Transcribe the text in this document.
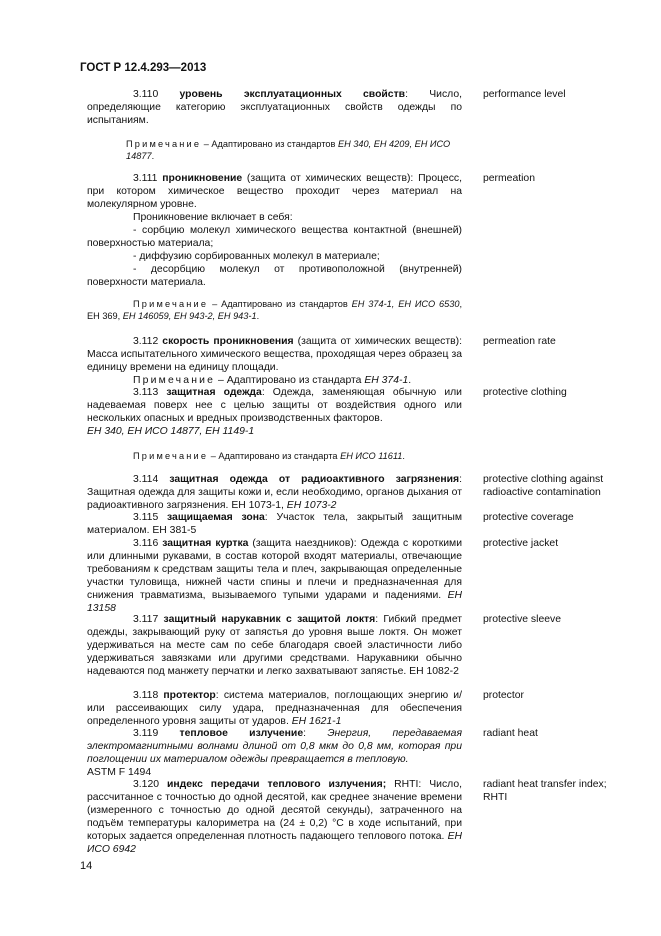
ГОСТ Р 12.4.293—2013
3.110 уровень эксплуатационных свойств: Число, определяющие категорию эксплуатационных свойств одежды по испытаниям.
performance level
Примечание – Адаптировано из стандартов ЕН 340, ЕН 4209, ЕН ИСО 14877.

3.111 проникновение (защита от химических веществ): Процесс, при котором химическое вещество проходит через материал на молекулярном уровне.

Проникновение включает в себя:

- сорбцию молекул химического вещества контактной (внешней) поверхностью материала;

- диффузию сорбированных молекул в материале;

- десорбцию молекул от противоположной (внутренней) поверхности материала.

permeation
Примечание – Адаптировано из стандартов ЕН 374-1, ЕН ИСО 6530, ЕН 369, ЕН 146059, ЕН 943-2, ЕН 943-1.

3.112 скорость проникновения (защита от химических веществ): Масса испытательного химического вещества, проходящая через образец за единицу времени на единицу площади.

Примечание – Адаптировано из стандарта ЕН 374-1.

permeation rate

3.113 защитная одежда: Одежда, заменяющая обычную или надеваемая поверх нее с целью защиты от воздействия одного или нескольких опасных и вредных производственных факторов.

ЕН 340, ЕН ИСО 14877, ЕН 1149-1

protective clothing
Примечание – Адаптировано из стандарта ЕН ИСО 11611.
3.114 защитная одежда от радиоактивного загрязнения: Защитная одежда для защиты кожи и, если необходимо, органов дыхания от радиоактивного загрязнения. ЕН 1073-1, ЕН 1073-2
protective clothing against radioactive contamination
3.115 защищаемая зона: Участок тела, закрытый защитным материалом. ЕН 381-5
protective coverage
3.116 защитная куртка (защита наездников): Одежда с короткими или длинными рукавами, в состав которой входят материалы, отвечающие требованиям к средствам защиты тела и плеч, закрывающая определенные участки туловища, нижней части спины и плечи и предназначенная для снижения травматизма, вызываемого тупыми ударами и падениями. ЕН 13158
protective jacket
3.117 защитный нарукавник с защитой локтя: Гибкий предмет одежды, закрывающий руку от запястья до уровня выше локтя. Он может удерживаться на месте сам по себе благодаря своей эластичности либо удерживаться завязками или другими средствами. Нарукавники обычно надеваются под манжету перчатки и легко захватывают запястье. ЕН 1082-2
protective sleeve
3.118 протектор: система материалов, поглощающих энергию и/или рассеивающих силу удара, предназначенная для обеспечения определенного уровня защиты от ударов. ЕН 1621-1
protector

3.119 тепловое излучение: Энергия, передаваемая электромагнитными волнами длиной от 0,8 мкм до 0,8 мм, которая при поглощении их материалом одежды превращается в тепловую.

ASTM F 1494

radiant heat
3.120 индекс передачи теплового излучения; RHTI: Число, рассчитанное с точностью до одной десятой, как среднее значение времени (измеренного с точностью до одной десятой секунды), затраченного на подъём температуры калориметра на (24 ± 0,2) °C в ходе испытаний, при которых задается определенная плотность падающего теплового потока. ЕН ИСО 6942
radiant heat transfer index; RHTI
14
